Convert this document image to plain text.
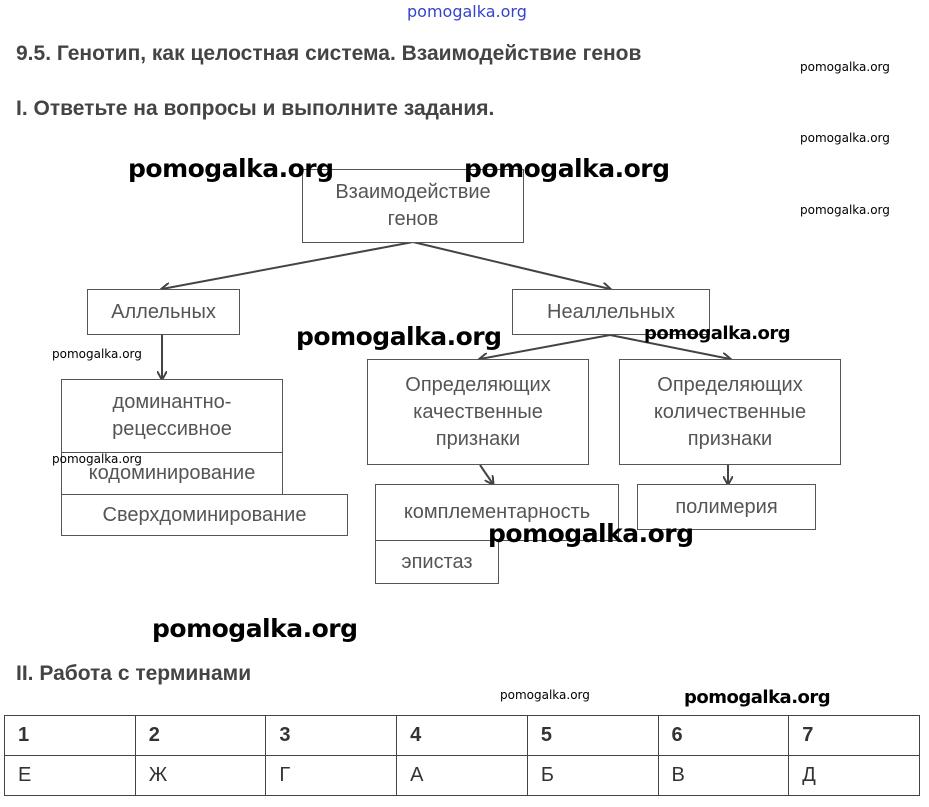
pomogalka.org
9.5. Генотип, как целостная система. Взаимодействие генов
I. Ответьте на вопросы и выполните задания.
Взаимодействие генов
Аллельных	Неаллельных
доминантно-рецессивное
кодоминирование
Сверхдоминирование
Определяющих качественные признаки
Определяющих количественные признаки
комплементарность
эпистаз
полимерия
II. Работа с терминами
1	2	3	4	5	6	7
Е	Ж	Г	А	Б	В	Д
pomogalka.org
pomogalka.org
pomogalka.org
pomogalka.org	pomogalka.org
pomogalka.org	pomogalka.org
pomogalka.org
pomogalka.org
pomogalka.org
pomogalka.org
pomogalka.org	pomogalka.org
